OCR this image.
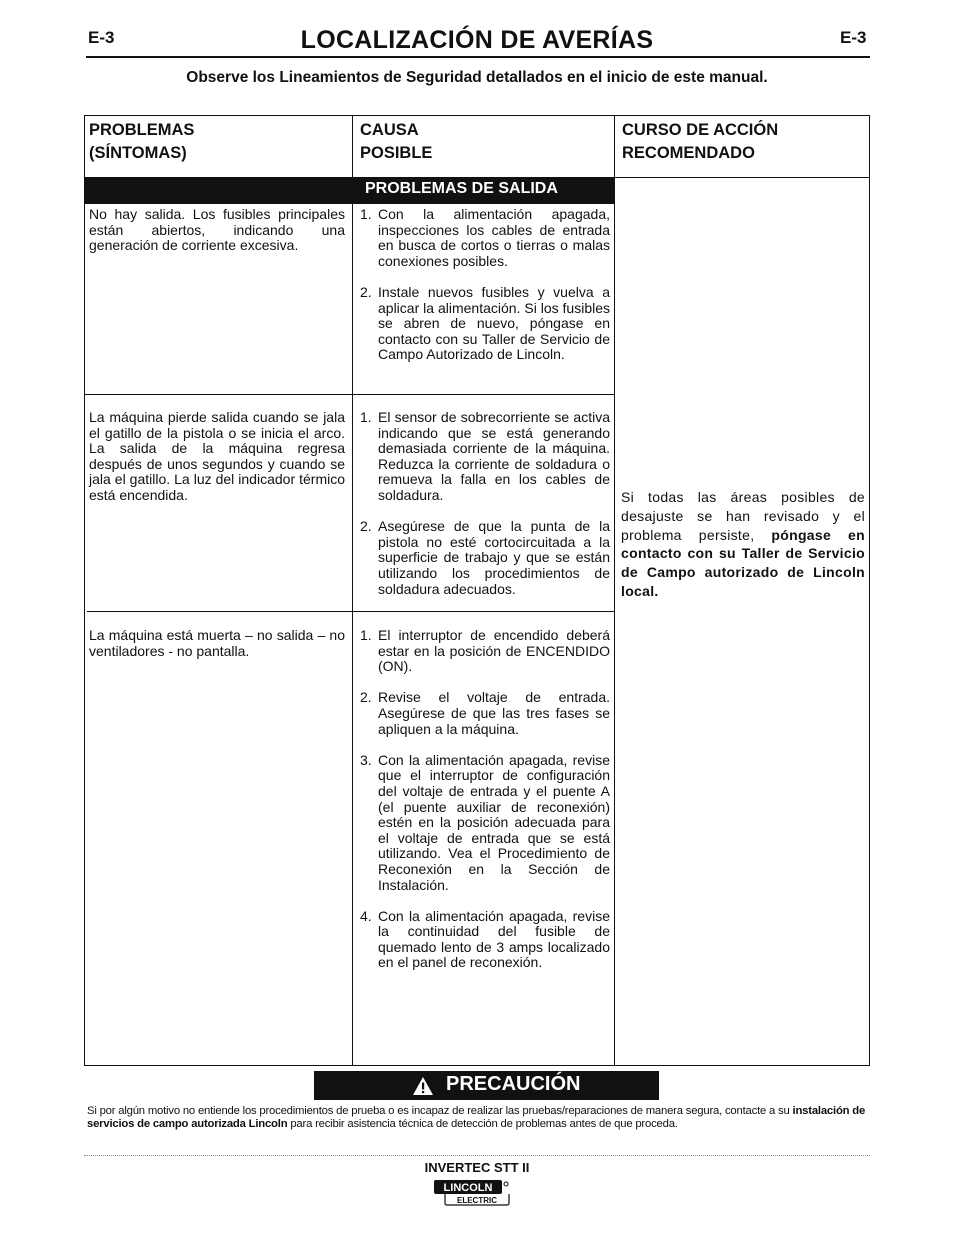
E-3	LOCALIZACIÓN DE AVERÍAS	E-3
Observe los Lineamientos de Seguridad detallados en el inicio de este manual.
PROBLEMAS
(SÍNTOMAS)
CAUSA
POSIBLE
CURSO DE ACCIÓN
RECOMENDADO
PROBLEMAS DE SALIDA
No hay salida. Los fusibles principales están abiertos, indicando una generación de corriente excesiva.
1. Con la alimentación apagada, inspecciones los cables de entrada en busca de cortos o tierras o malas conexiones posibles.
2. Instale nuevos fusibles y vuelva a aplicar la alimentación. Si los fusibles se abren de nuevo, póngase en contacto con su Taller de Servicio de Campo Autorizado de Lincoln.
La máquina pierde salida cuando se jala el gatillo de la pistola o se inicia el arco. La salida de la máquina regresa después de unos segundos y cuando se jala el gatillo. La luz del indicador térmico está encendida.
1. El sensor de sobrecorriente se activa indicando que se está generando demasiada corriente de la máquina. Reduzca la corriente de soldadura o remueva la falla en los cables de soldadura.
2. Asegúrese de que la punta de la pistola no esté cortocircuitada a la superficie de trabajo y que se están utilizando los procedimientos de soldadura adecuados.
La máquina está muerta – no salida – no ventiladores - no pantalla.
1. El interruptor de encendido deberá estar en la posición de ENCENDIDO (ON).
2. Revise el voltaje de entrada. Asegúrese de que las tres fases se apliquen a la máquina.
3. Con la alimentación apagada, revise que el interruptor de configuración del voltaje de entrada y el puente A (el puente auxiliar de reconexión) estén en la posición adecuada para el voltaje de entrada que se está utilizando. Vea el Procedimiento de Reconexión en la Sección de Instalación.
4. Con la alimentación apagada, revise la continuidad del fusible de quemado lento de 3 amps localizado en el panel de reconexión.
Si todas las áreas posibles de desajuste se han revisado y el problema persiste, póngase en contacto con su Taller de Servicio de Campo autorizado de Lincoln local.
PRECAUCIÓN
Si por algún motivo no entiende los procedimientos de prueba o es incapaz de realizar las pruebas/reparaciones de manera segura, contacte a su instalación de servicios de campo autorizada Lincoln para recibir asistencia técnica de detección de problemas antes de que proceda.
INVERTEC STT II
LINCOLN
ELECTRIC
